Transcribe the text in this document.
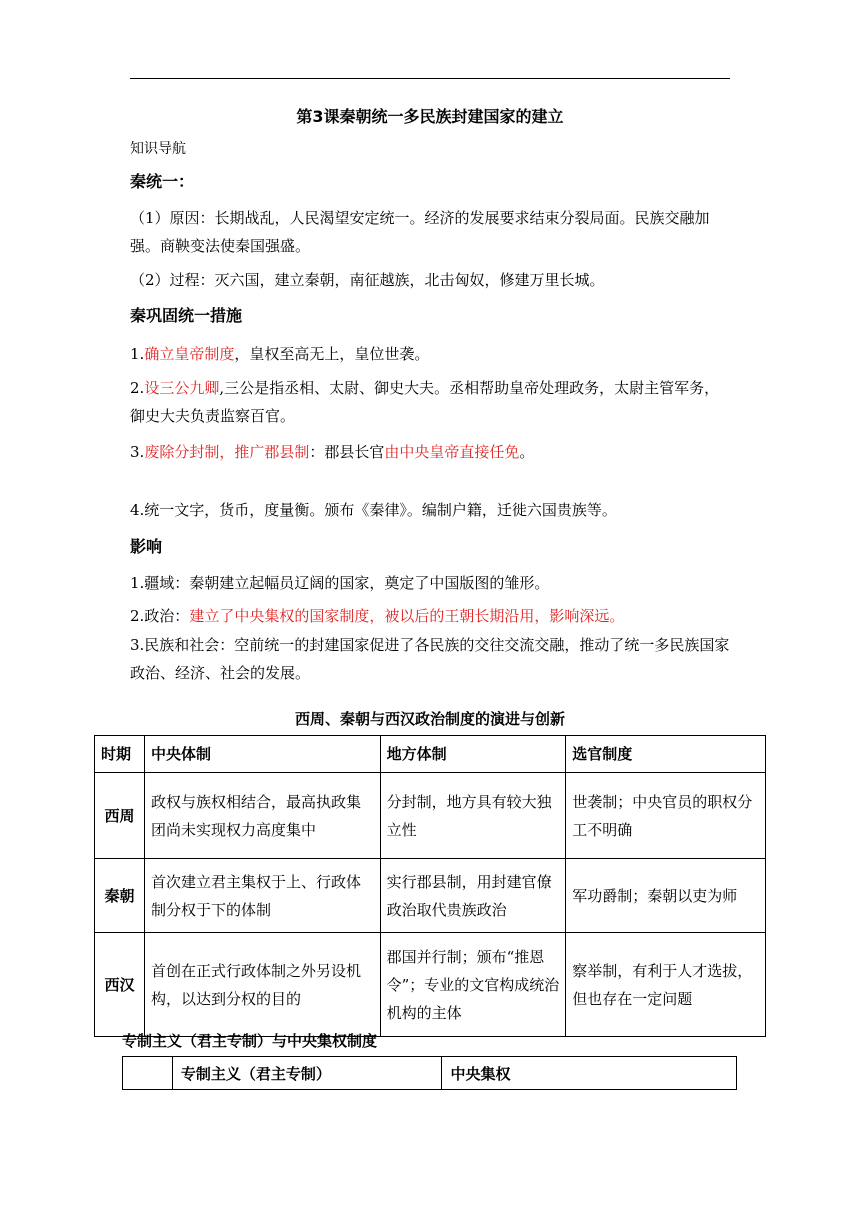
第3课秦朝统一多民族封建国家的建立
知识导航
秦统一：
（1）原因：长期战乱，人民渴望安定统一。经济的发展要求结束分裂局面。民族交融加强。商鞅变法使秦国强盛。
（2）过程：灭六国，建立秦朝，南征越族，北击匈奴，修建万里长城。
秦巩固统一措施
1.确立皇帝制度，皇权至高无上，皇位世袭。
2.设三公九卿,三公是指丞相、太尉、御史大夫。丞相帮助皇帝处理政务，太尉主管军务，御史大夫负责监察百官。
3.废除分封制，推广郡县制：郡县长官由中央皇帝直接任免。
4.统一文字，货币，度量衡。颁布《秦律》。编制户籍，迁徙六国贵族等。
影响
1.疆域：秦朝建立起幅员辽阔的国家，奠定了中国版图的雏形。
2.政治：建立了中央集权的国家制度，被以后的王朝长期沿用，影响深远。
3.民族和社会：空前统一的封建国家促进了各民族的交往交流交融，推动了统一多民族国家政治、经济、社会的发展。
西周、秦朝与西汉政治制度的演进与创新
时期	中央体制	地方体制	选官制度
西周	政权与族权相结合，最高执政集团尚未实现权力高度集中	分封制，地方具有较大独立性	世袭制；中央官员的职权分工不明确
秦朝	首次建立君主集权于上、行政体制分权于下的体制	实行郡县制，用封建官僚政治取代贵族政治	军功爵制；秦朝以吏为师
西汉	首创在正式行政体制之外另设机构，以达到分权的目的	郡国并行制；颁布“推恩令”；专业的文官构成统治机构的主体	察举制，有利于人才选拔，但也存在一定问题
专制主义（君主专制）与中央集权制度
	专制主义（君主专制）	中央集权
